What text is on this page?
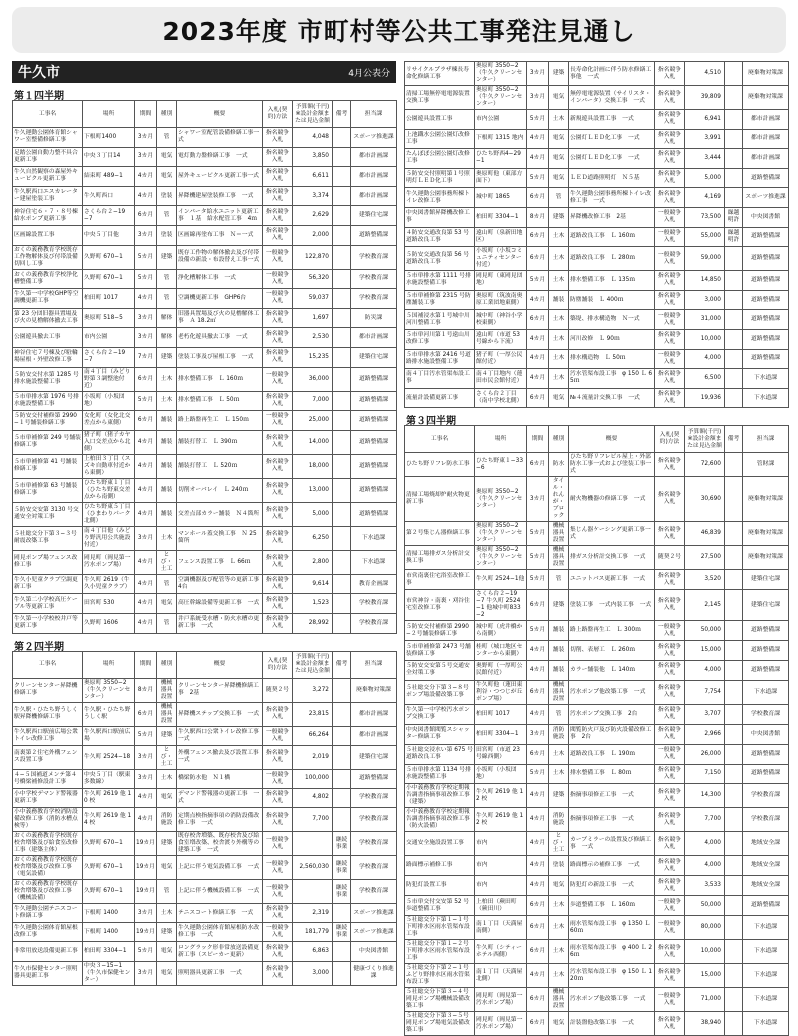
2023年度 市町村等公共工事発注見通し
牛久市	4月公表分
第１四半期
工事名	場所	期間	種別	概要	入札(契約)方法	予算額(千円)※設計金額または見込金額	備考	担当課
牛久運動公園体育館シャワー室整備修繕工事	下根町1400	3カ月	管	シャワー室配管設備修繕工事一式	指名競争入札	4,048		スポーツ推進課
足踏公園自動力整不具合更新工事	中央３丁目14	3カ月	電気	電灯動力盤修繕工事　一式	指名競争入札	3,850		都市計画課
牛久自然観察の森屋外キューピクル更新工事	結束町 489−1	4カ月	電気	屋外キューピクル更新工事一式	指名競争入札	6,611		都市計画課
牛久駅西口エスカレーター建屋塗装工事	牛久町西口	4カ月	塗装	昇降機建屋塗装修工事　一式	指名競争入札	3,374		都市計画課
神谷住宅６・７・８号棟給水ポンプ更新工事	さくら台２−19−7	6カ月	管	インバータ給水ユニット更新工事　１基　給水配管工事　4ｍ	指名競争入札	2,629		建築住宅課
区画線設置工事	中央５丁目他	3カ月	塗装	区画線再塗布工事　Ｎ＝一式	指名競争入札	2,000		道路整備課
おくの義務教育学校既存工作物解体及び付帯設備切回し工事	久野町 670−1	5カ月	建築	既存工作物の解体撤去及び付帯設備の新設・布設替え工事一式	一般競争入札	122,870		学校教育課
おくの義務教育学校浄化槽整備工事	久野町 670−1	5カ月	管	浄化槽解体工事　一式	一般競争入札	56,320		学校教育課
牛久第一中学校GHP等空調機更新工事	柏田町 1017	4カ月	管	空調機更新工事　GHP6台	一般競争入札	59,037		学校教育課
第 23 分団旧器具置場及び火の見櫓解体撤去工事	奥原町 518−5	3カ月	解体	旧器具置場及び火の見櫓解体工事　Ａ 18.2㎡	指名競争入札	1,697		防災課
公園遊具撤去工事	市内公園	3カ月	解体	老朽化遊具撤去工事　一式	指名競争入札	2,530		都市計画課
神谷住宅７号棟及び駐輪場屋根・外壁改修工事	さくら台２−19−7	7カ月	建築	塗装工事及び屋根工事　一式	指名競争入札	15,235		建築住宅課
５防安交付水第 1285 号排水施設整備工事	南４丁目（みどり野第３調整池付近）	6カ月	土木	排水整備工事　Ｌ 160ｍ	一般競争入札	36,000		道路整備課
５市単排水第 1976 号排水施設整備工事	小坂町（小坂団地）	5カ月	土木	排水整備工事　Ｌ 50ｍ	指名競争入札	7,000		道路整備課
５防安交付補修第 2990−１号舗装修繕工事	女化町（女化北交差点から東側）	6カ月	舗装	路上路盤再生工　Ｌ 150ｍ	一般競争入札	25,000		道路整備課
５市単補修第 249 号舗装修繕工事	猪子町（猪子カヤ入口交差点から北側）	4カ月	舗装	舗装打替工　Ｌ 390ｍ	指名競争入札	14,000		道路整備課
５市単補修第 41 号舗装修繕工事	上柏田３丁目（スズキ自動車付近から東側）	4カ月	舗装	舗装打替工　Ｌ 520ｍ	指名競争入札	18,000		道路整備課
５市単補修第 63 号舗装修繕工事	ひたち野東１丁目（ひたち野東交差点から南側）	4カ月	舗装	切削オーバレイ　Ｌ 240ｍ	指名競争入札	13,000		道路整備課
５防安交安第 3130 号交通安全対策工事	ひたち野東５丁目（ひまわりパーク北側）	4カ月	舗装	交差点部カラー舗装　Ｎ４箇所	指名競争入札	5,000		道路整備課
５社総交分下第３−３号耐震改築工事	南４丁目他（みどり野汎用公共施設付近）	3カ月	土木	マンホール蓋交換工事　Ｎ 25 箇所	指名競争入札	6,250		下水道課
岡見ポンプ場フェンス改修工事	岡見町（岡見第一汚水ポンプ場）	4カ月	とび・土工	フェンス設置工事　Ｌ 66ｍ	指名競争入札	2,800		下水道課
牛久小児童クラブ空調更新工事	牛久町 2619（牛久小児童クラブ）	4カ月	管	空調機器及び配管等の更新工事　4台	指名競争入札	9,614		教育企画課
牛久第二小学校高圧ケーブル等更新工事	田宮町 530	4カ月	電気	高圧幹線設備等更新工事　一式	指名競争入札	1,523		学校教育課
牛久第一小学校校井戸等更新工事	久野町 1606	4カ月	管	井戸系統受水槽・防火水槽の更新工事　一式	指名競争入札	28,992		学校教育課
第２四半期
工事名	場所	期間	種別	概要	入札(契約)方法	予算額(千円)※設計金額または見込金額	備考	担当課
クリーンセンター昇降機修繕工事	奥原町 3550−2（牛久クリーンセンター）	8カ月	機械器具設置	クリーンセンター昇降機修繕工事　2基	随契２号	3,272		廃棄物対策課
牛久駅・ひたち野うしく駅昇降機修繕工事	牛久駅・ひたち野うしく駅	6カ月	機械器具設置	昇降機ステップ交換工事　一式	指名競争入札	23,815		都市計画課
牛久駅西口駅前広場公衆トイレ改修工事	牛久駅西口駅前広場	5カ月	建築	牛久駅西口公衆トイレ改修工事　一式	一般競争入札	66,264		都市計画課
南裏第２住宅外構フェンス設置工事	牛久町 2524−18	3カ月	とび・土工	外構フェンス撤去及び設置工事　一式	指名競争入札	2,019		建築住宅課
４−５国補道メンテ第４号橋梁補修設計工事	中央５丁目（駅東多数線）	3カ月	土木	橋梁防水他　Ｎ１橋	一般競争入札	100,000		道路整備課
小中学校デマンド警報器更新工事	牛久町 2619 他 10 校	4カ月	電気	デマンド警報器の更新工事　一式	指名競争入札	4,802		学校教育課
小中義務教育学校消防設備改修工事（消防水槽点検等）	牛久町 2619 他 14 校	4カ月	消防施設	定期点検指摘事項の消防設備改修工事　一式	指名競争入札	7,700		学校教育課
おくの義務教育学校既存校舎増築及び給食室改修工事（建築主体）	久野町 670−1	19カ月	建築	既存校舎増築、既存校舎及び給食室増改築、校舎渡り外構等の建築工事　一式	一般競争入札		継続事業	学校教育課
おくの義務教育学校既存校舎増築及び改修工事（電気設備）	久野町 670−1	19カ月	電気	上記に伴う電気設備工事　一式	一般競争入札	2,560,030	継続事業	学校教育課
おくの義務教育学校既存校舎増築及び改修工事（機械設備）	久野町 670−1	19カ月	管	上記に伴う機械設備工事　一式	一般競争入札		継続事業	学校教育課
牛久運動公園テニスコート修繕工事	下根町 1400	3カ月	土木	テニスコート修繕工事　一式	指名競争入札	2,319		スポーツ推進課
牛久運動公園体育館屋根改修工事	下根町 1400	19カ月	建築	牛久運動公園体育館屋根防水改修工事　一式	一般競争入札	181,779	継続事業	スポーツ推進課
非常用放送設備更新工事	柏田町 3304−1	5カ月	電気	ロングラック形非常放送設備更新工事（スピーカー更新）	指名競争入札	6,863		中央図書館
牛久市保健センター照明器具更新工事	中央３−15−1（牛久市保健センター）	3カ月	電気	照明器具更新工事　一式	指名競争入札	3,000		健康づくり推進課
リサイクルプラザ棟長寿命化修繕工事	奥原町 3550−2（牛久クリーンセンター）	3カ月	建築	長寿命化計画に伴う防水修繕工事他　一式	指名競争入札	4,510		廃棄物対策課
清掃工場無停電電源装置交換工事	奥原町 3550−2（牛久クリーンセンター）	3カ月	電気	無停電電源装置（サイリスタ・インバータ）交換工事　一式	指名競争入札	39,809		廃棄物対策課
公園遊具設置工事	市内公園	5カ月	土木	新規遊具設置工事　一式	指名競争入札	6,941		都市計画課
上池鐵水公園公園灯改修工事	下根町 1315 地内	4カ月	電気	公園灯ＬＥＤ化工事　一式	指名競争入札	3,991		都市計画課
たんぽぽ公園公園灯改修工事	ひたち野西4−29−1	4カ月	電気	公園灯ＬＥＤ化工事　一式	指名競争入札	3,444		都市計画課
５防安交付照明第１号照明灯ＬＥＤ化工事	奥原町他（東部方面下）	5カ月	電気	ＬＥＤ道路照明灯　Ｎ５基	指名競争入札	5,000		道路整備課
牛久運動公園事務所棟トイレ改修工事	城中町 1865	6カ月	管	牛久運動公園事務所棟トイレ改修工事　一式	指名競争入札	4,169		スポーツ推進課
中央図書館昇降機改修工事	柏田町 3304−1	8カ月	建築	昇降機改修工事　2基	一般競争入札	73,500	繰越明許	中央図書館
４防安交通改良第 53 号道路改良工事	遠山町（泉新田地区）	6カ月	土木	道路改良工事　Ｌ 160ｍ	一般競争入札	55,000	繰越明許	道路整備課
５防安交通改良第 56 号道路改良工事	小坂町（小坂コミュニティセンター付近）	6カ月	土木	道路改良工事　Ｌ 280ｍ	一般競争入札	59,000		道路整備課
５市単排水第 1111 号排水施設整備工事	岡見町（東岡見団地）	5カ月	土木	排水整備工事　Ｌ 135ｍ	指名競争入札	14,850		道路整備課
５市単補修第 2315 号防塵舗装工事	奥原町（筑波南奥原工業団地東側）	4カ月	舗装	防塵舗装　Ｌ 400ｍ	指名競争入札	3,000		道路整備課
５国補浸水第１号城中川河川整備工事	城中町（神谷小学校東側）	6カ月	土木	築堤、排水構造物　Ｎ一式	一般競争入札	31,000		道路整備課
５市単河川第１号遠山川改修工事	遠山町（市道 53号線から下流）	4カ月	土木	河川改修　Ｌ 90ｍ	指名競争入札	10,000		道路整備課
５市単排水第 2416 号道路排水施設整備工事	猪子町（一厚公民館付近）	4カ月	土木	排水構造物　Ｌ 50ｍ	一般競争入札	4,000		道路整備課
南４丁目汚水管渠布設工事	南４丁目地内（蓮田市民会館付近）	4カ月	土木	汚水管渠布設工事　φ 150 Ｌ 65ｍ	指名競争入札	6,500		下水道課
流量計設備更新工事	さくら台２丁目（南中学校北側）	6カ月	電気	№４流量計交換工事　一式	指名競争入札	19,936		下水道課
第３四半期
工事名	場所	期間	種別	概要	入札(契約)方法	予算額(千円)※設計金額または見込金額	備考	担当課
ひたち野リフレ防水工事	ひたち野東１−33−6	6カ月	防水	ひたち野リフレビル屋上・外部防水工事一式および塗装工事一式	指名競争入札	72,600		管財課
清掃工場焼却炉耐火物更新工事	奥原町 3550−2（牛久クリーンセンター）	3カ月	タイル・れんが・ブロック	耐火物機器の修繕工事　一式	指名競争入札	30,690		廃棄物対策課
第２号集じん器修繕工事	奥原町 3550−2（牛久クリーンセンター）	5カ月	機械器具設置	集じん器ケーシング更新工事一式	指名競争入札	46,839		廃棄物対策課
清掃工場排ガス分析計交換工事	奥原町 3550−2（牛久クリーンセンター）	5カ月	機械器具設置	排ガス分析計交換工事　一式	随契２号	27,500		廃棄物対策課
市営南裏住宅浴室改修工事	牛久町 2524−1他	5カ月	管	ユニットバス更新工事　一式	指名競争入札	3,520		建築住宅課
市営神谷・南裏・刈谷住宅室改修工事	さくら台２−19−7 牛久町 2524−1 他城中町833−2	6カ月	建築	塗装工事　一式内装工事　一式	指名競争入札	2,145		建築住宅課
５防安交付補修第 2990−２号舗装修繕工事	城中町（虎井橋から南側）	5カ月	舗装	路上路盤再生工　Ｌ 300ｍ	一般競争入札	50,000		道路整備課
５市単補修第 2473 号舗装修繕工事	桂町（城口地区センターから東側）	4カ月	舗装	切削、表層工　Ｌ 260ｍ	指名競争入札	15,000		道路整備課
５防安交安第５号交通安全対策工事	奥野町（一厚町公民館付近）	4カ月	舗装	カラー舗装他　Ｌ 140ｍ	指名競争入札	4,000		道路整備課
５社総交分下第３−８号ポンプ場設備改築工事	牛久町他（蓮田東利谷・つつじが丘ポンプ場）	6カ月	機械器具設置	汚水ポンプ他改築工事　一式	指名競争入札	7,754		下水道課
牛久第一中学校汚水ポンプ交換工事	柏田町 1017	4カ月	管	汚水ポンプ交換工事　2台	指名競争入札	3,707		学校教育課
中央図書館閲覧スシャッター修繕工事	柏田町 3304−1	3カ月	消防施設	閲覧防火戸及び防火設備改修工事　2台	指名競争入札	2,966		中央図書館
５社総交浸水い第 675 号道路改良工事	田宮町（市道 23 号線西側）	6カ月	土木	道路改良工事　Ｌ 190ｍ	一般競争入札	26,000		道路整備課
５市単排水第 1134 号排水施設整備工事	小坂町（小坂団地）	5カ月	土木	排水整備工事　Ｌ 80ｍ	指名競争入札	7,150		道路整備課
小中義務教育学校定期報告調書指摘事項改修工事（建築）	牛久町 2619 他 12 校	4カ月	建築	指摘事項修正工事　一式	指名競争入札	14,300		学校教育課
小中義務教育学校定期報告調書指摘事項改修工事（防火設備）	牛久町 2619 他 12 校	4カ月	消防施設	指摘事項修正工事　一式	指名競争入札	7,700		学校教育課
交通安全施設設置工事	市内	4カ月	とび・土工	カーブミラーの設置及び修繕工事　一式	指名競争入札	4,000		地域安全課
路面標示補修工事	市内	4カ月	塗装	路面標示の補修工事　一式	指名競争入札	4,000		地域安全課
防犯灯設置工事	市内	4カ月	電気	防犯灯の新設工事　一式	指名競争入札	3,533		地域安全課
５市単交付交安第 52 号歩道整備工事	上柏田（蕨田町（蕨田川）	6カ月	土木	歩道整備工事　Ｌ 160ｍ	一般競争入札	50,000		道路整備課
５社総交分下第１−１号下町排水区雨水管渠布設工事	南１丁目（天満屋南側）	6カ月	土木	雨水管渠布設工事　φ 1350 Ｌ 60ｍ	一般競争入札	80,000		下水道課
５社総交分下第１−２号下町排水区雨水管渠布設工事	牛久町（シティーホテル西側）	6カ月	土木	雨水管渠布設工事　φ 400 Ｌ 26ｍ	指名競争入札	10,000		下水道課
５社総交分下第２−１号ふどり野排水区雨水管渠布設工事	南１丁目（天満屋北側）	4カ月	土木	汚水管渠布設工事　φ 150 Ｌ 120ｍ	指名競争入札	15,000		下水道課
５社総交分下第３−４号岡見ポンプ場機械設備改築工事	岡見町（岡見第一汚水ポンプ場）	6カ月	機械器具設置	汚水ポンプ他改築工事　一式	一般競争入札	71,000		下水道課
５社総交分下第３−５号岡見ポンプ場電気設備改築工事	岡見町（岡見第一汚水ポンプ場）	6カ月	電気	計装盤他改築工事　一式	指名競争入札	38,940		下水道課
